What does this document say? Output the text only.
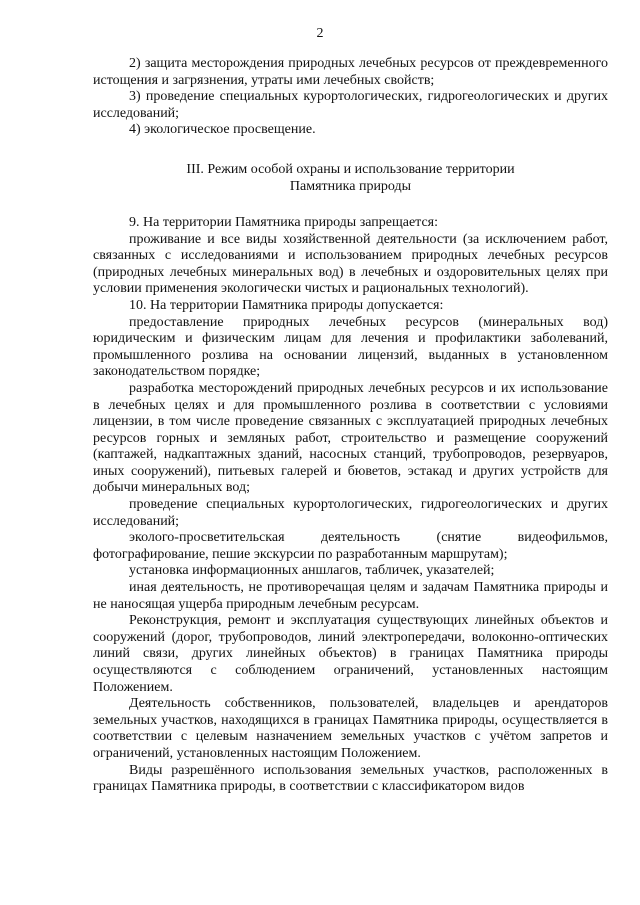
2

2) защита месторождения природных лечебных ресурсов от преждевременного истощения и загрязнения, утраты ими лечебных свойств;

3) проведение специальных курортологических, гидрогеологических и других исследований;

4) экологическое просвещение.

III. Режим особой охраны и использование территории
Памятника природы

9. На территории Памятника природы запрещается:

проживание и все виды хозяйственной деятельности (за исключением работ, связанных с исследованиями и использованием природных лечебных ресурсов (природных лечебных минеральных вод) в лечебных и оздоровительных целях при условии применения экологически чистых и рациональных технологий).

10. На территории Памятника природы допускается:

предоставление природных лечебных ресурсов (минеральных вод) юридическим и физическим лицам для лечения и профилактики заболеваний, промышленного розлива на основании лицензий, выданных в установленном законодательством порядке;

разработка месторождений природных лечебных ресурсов и их использование в лечебных целях и для промышленного розлива в соответствии с условиями лицензии, в том числе проведение связанных с эксплуатацией природных лечебных ресурсов горных и земляных работ, строительство и размещение сооружений (каптажей, надкаптажных зданий, насосных станций, трубопроводов, резервуаров, иных сооружений), питьевых галерей и бюветов, эстакад и других устройств для добычи минеральных вод;

проведение специальных курортологических, гидрогеологических и других исследований;

эколого-просветительская деятельность (снятие видеофильмов, фотографирование, пешие экскурсии по разработанным маршрутам);

установка информационных аншлагов, табличек, указателей;

иная деятельность, не противоречащая целям и задачам Памятника природы и не наносящая ущерба природным лечебным ресурсам.

Реконструкция, ремонт и эксплуатация существующих линейных объектов и сооружений (дорог, трубопроводов, линий электропередачи, волоконно-оптических линий связи, других линейных объектов) в границах Памятника природы осуществляются с соблюдением ограничений, установленных настоящим Положением.

Деятельность собственников, пользователей, владельцев и арендаторов земельных участков, находящихся в границах Памятника природы, осуществляется в соответствии с целевым назначением земельных участков с учётом запретов и ограничений, установленных настоящим Положением.

Виды разрешённого использования земельных участков, расположенных в границах Памятника природы, в соответствии с классификатором видов
